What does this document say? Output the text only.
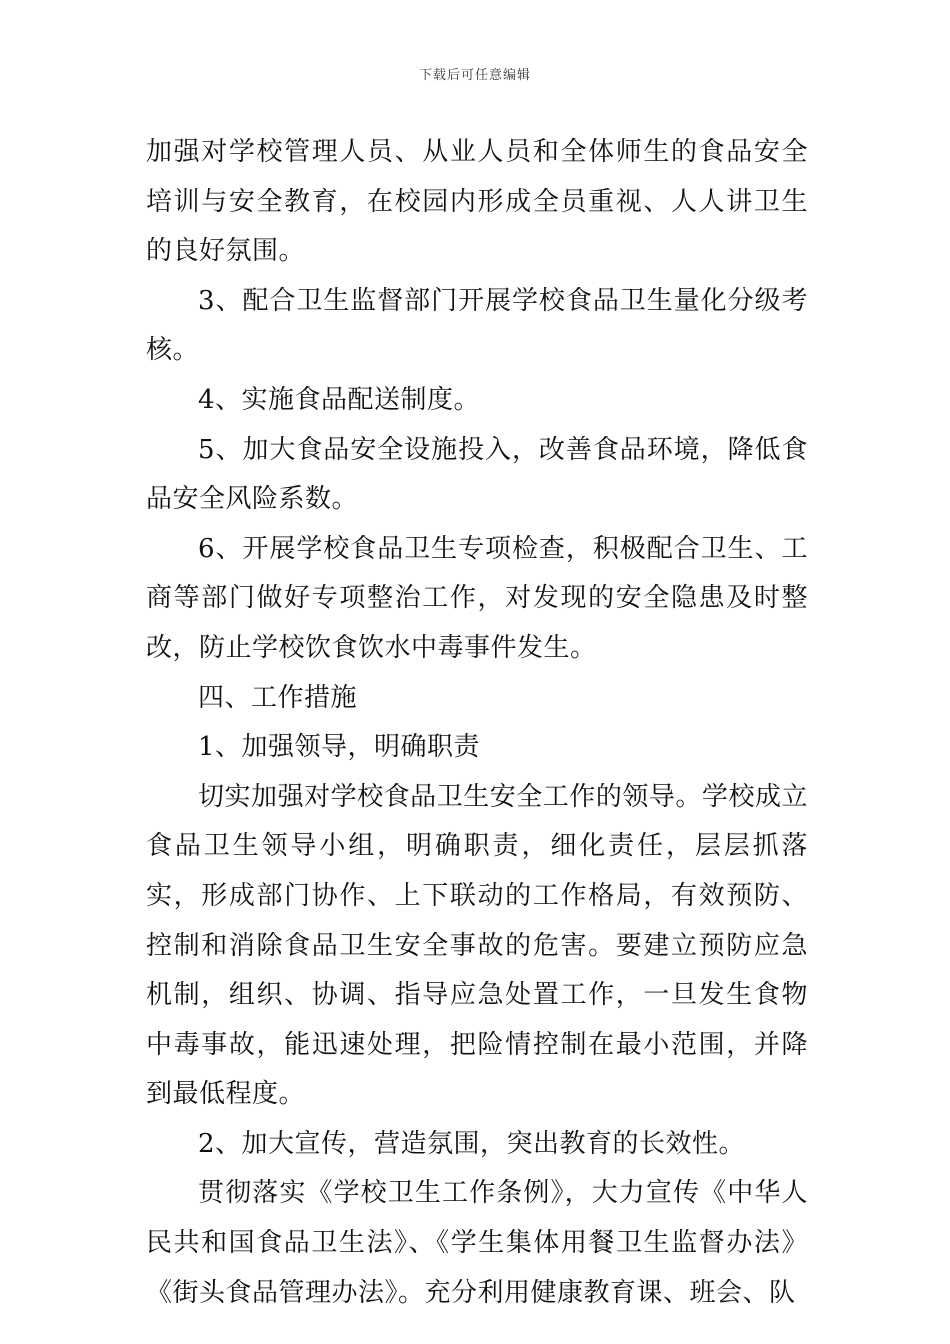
下载后可任意编辑

加强对学校管理人员、从业人员和全体师生的食品安全培训与安全教育，在校园内形成全员重视、人人讲卫生的良好氛围。

3、配合卫生监督部门开展学校食品卫生量化分级考核。

4、实施食品配送制度。

5、加大食品安全设施投入，改善食品环境，降低食品安全风险系数。

6、开展学校食品卫生专项检查，积极配合卫生、工商等部门做好专项整治工作，对发现的安全隐患及时整改，防止学校饮食饮水中毒事件发生。

四、工作措施

1、加强领导，明确职责

切实加强对学校食品卫生安全工作的领导。学校成立食品卫生领导小组，明确职责，细化责任，层层抓落实，形成部门协作、上下联动的工作格局，有效预防、控制和消除食品卫生安全事故的危害。要建立预防应急机制，组织、协调、指导应急处置工作，一旦发生食物中毒事故，能迅速处理，把险情控制在最小范围，并降到最低程度。

2、加大宣传，营造氛围，突出教育的长效性。

贯彻落实《学校卫生工作条例》，大力宣传《中华人民共和国食品卫生法》、《学生集体用餐卫生监督办法》《街头食品管理办法》。充分利用健康教育课、班会、队
